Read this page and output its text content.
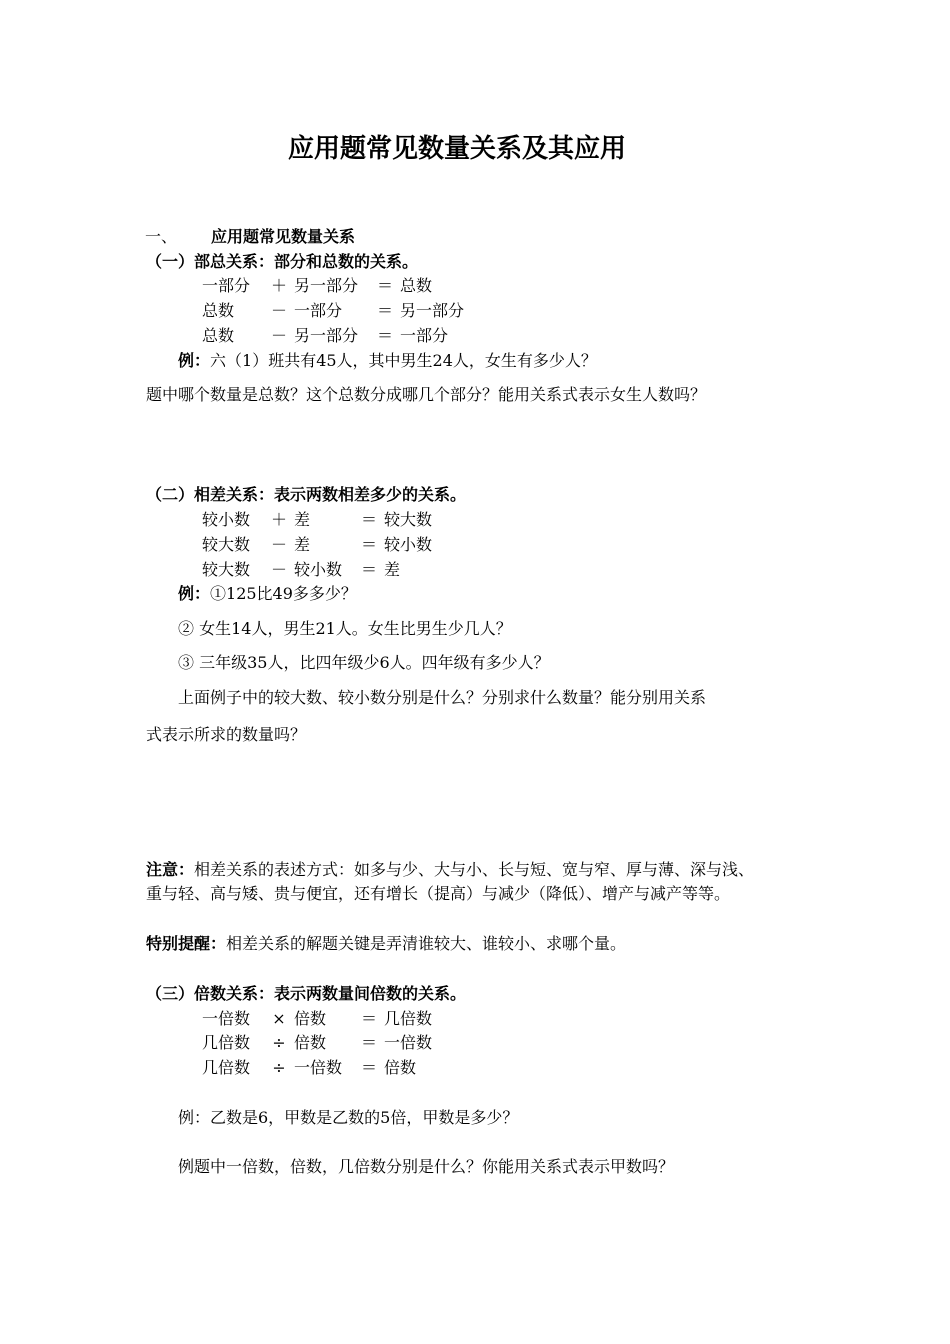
应用题常见数量关系及其应用
一、 应用题常见数量关系
（一）部总关系：部分和总数的关系。
一部分 ＋ 另一部分 ＝ 总数
总数 － 一部分 ＝ 另一部分
总数 － 另一部分 ＝ 一部分
例：六（1）班共有45人，其中男生24人，女生有多少人？
题中哪个数量是总数？这个总数分成哪几个部分？能用关系式表示女生人数吗？
（二）相差关系：表示两数相差多少的关系。
较小数 ＋ 差	＝ 较大数
较大数 － 差	＝ 较小数
较大数 － 较小数 ＝ 差
例：①125比49多多少？
② 女生14人，男生21人。女生比男生少几人？
③ 三年级35人，比四年级少6人。四年级有多少人？
上面例子中的较大数、较小数分别是什么？分别求什么数量？能分别用关系
式表示所求的数量吗？
注意：相差关系的表述方式：如多与少、大与小、长与短、宽与窄、厚与薄、深与浅、
重与轻、高与矮、贵与便宜，还有增长（提高）与减少（降低）、增产与减产等等。
特别提醒：相差关系的解题关键是弄清谁较大、谁较小、求哪个量。
（三）倍数关系：表示两数量间倍数的关系。
一倍数 × 倍数 ＝ 几倍数
几倍数 ÷ 倍数 ＝ 一倍数
几倍数 ÷ 一倍数 ＝ 倍数
例：乙数是6，甲数是乙数的5倍，甲数是多少？
例题中一倍数，倍数，几倍数分别是什么？你能用关系式表示甲数吗？
